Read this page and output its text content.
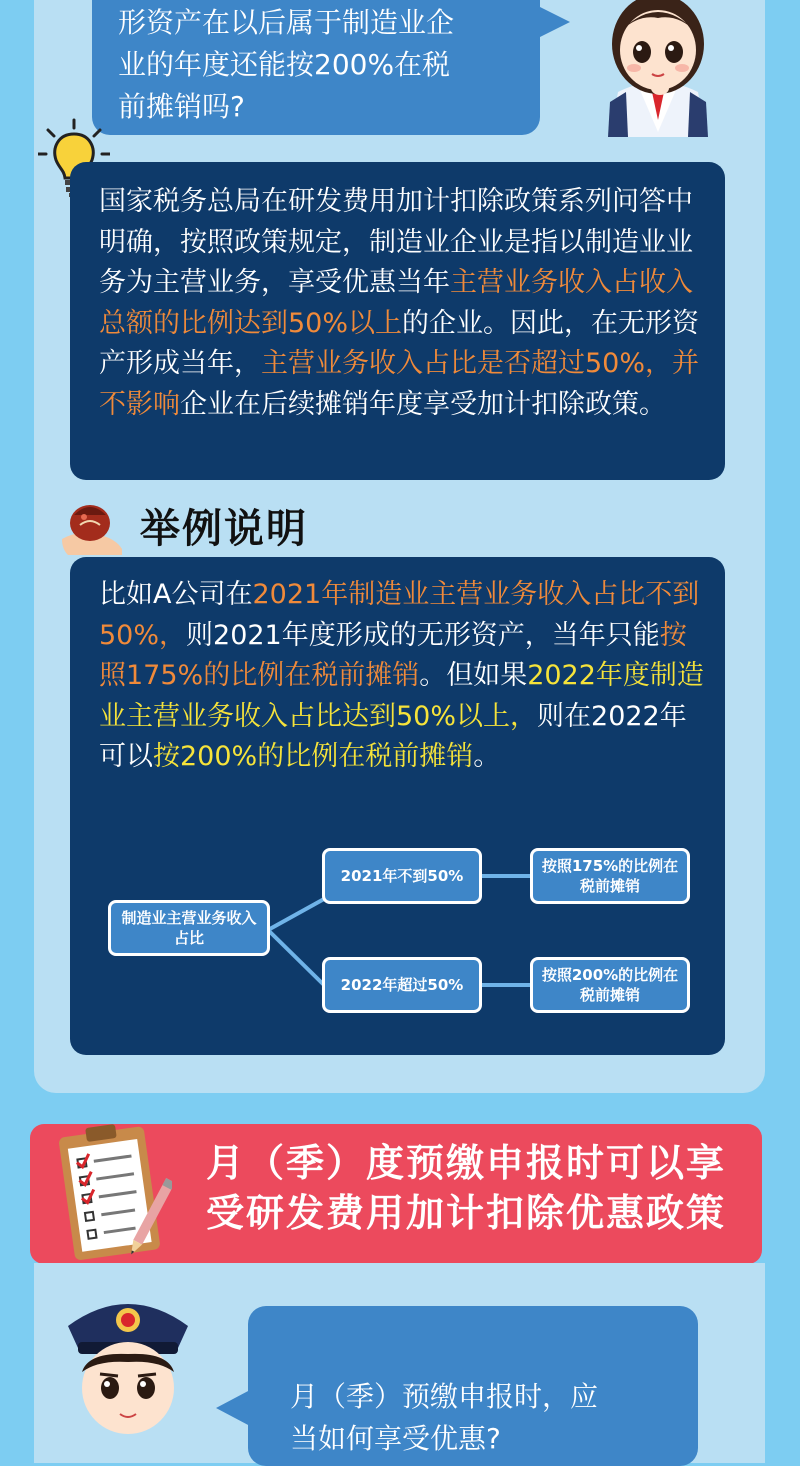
形资产在以后属于制造业企
业的年度还能按200%在税
前摊销吗?
国家税务总局在研发费用加计扣除政策系列问答中明确，按照政策规定，制造业企业是指以制造业业务为主营业务，享受优惠当年主营业务收入占收入总额的比例达到50%以上的企业。因此，在无形资产形成当年，主营业务收入占比是否超过50%，并不影响企业在后续摊销年度享受加计扣除政策。
举例说明
比如A公司在2021年制造业主营业务收入占比不到50%，则2021年度形成的无形资产，当年只能按照175%的比例在税前摊销。但如果2022年度制造业主营业务收入占比达到50%以上，则在2022年可以按200%的比例在税前摊销。
制造业主营业务收入占比
2021年不到50%
2022年超过50%
按照175%的比例在税前摊销
按照200%的比例在税前摊销
月（季）度预缴申报时可以享
受研发费用加计扣除优惠政策
月（季）预缴申报时，应
当如何享受优惠?
